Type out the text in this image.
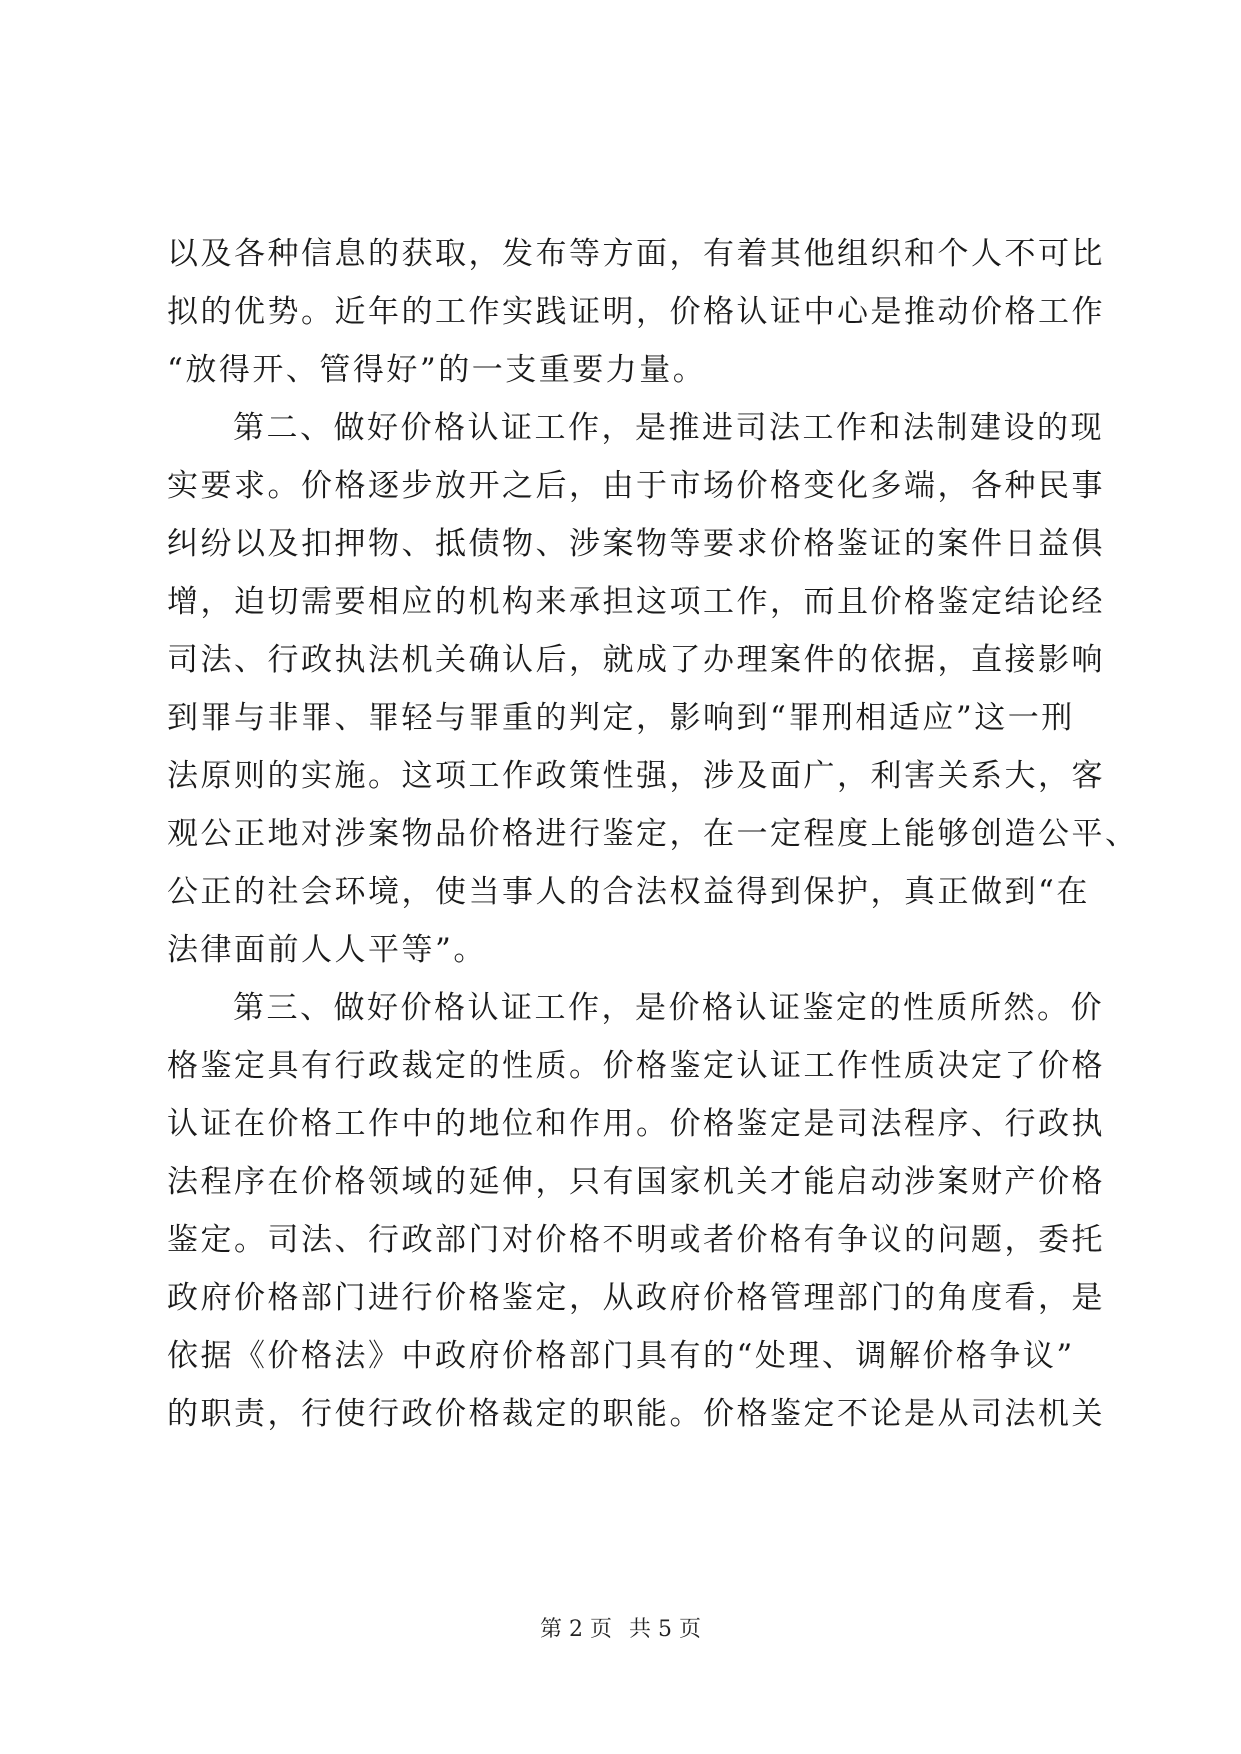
以及各种信息的获取，发布等方面，有着其他组织和个人不可比
拟的优势。近年的工作实践证明，价格认证中心是推动价格工作
“放得开、管得好”的一支重要力量。
第二、做好价格认证工作，是推进司法工作和法制建设的现
实要求。价格逐步放开之后，由于市场价格变化多端，各种民事
纠纷以及扣押物、抵债物、涉案物等要求价格鉴证的案件日益俱
增，迫切需要相应的机构来承担这项工作，而且价格鉴定结论经
司法、行政执法机关确认后，就成了办理案件的依据，直接影响
到罪与非罪、罪轻与罪重的判定，影响到“罪刑相适应”这一刑
法原则的实施。这项工作政策性强，涉及面广，利害关系大，客
观公正地对涉案物品价格进行鉴定，在一定程度上能够创造公平、
公正的社会环境，使当事人的合法权益得到保护，真正做到“在
法律面前人人平等”。
第三、做好价格认证工作，是价格认证鉴定的性质所然。价
格鉴定具有行政裁定的性质。价格鉴定认证工作性质决定了价格
认证在价格工作中的地位和作用。价格鉴定是司法程序、行政执
法程序在价格领域的延伸，只有国家机关才能启动涉案财产价格
鉴定。司法、行政部门对价格不明或者价格有争议的问题，委托
政府价格部门进行价格鉴定，从政府价格管理部门的角度看，是
依据《价格法》中政府价格部门具有的“处理、调解价格争议”
的职责，行使行政价格裁定的职能。价格鉴定不论是从司法机关
第 2 页 共 5 页
